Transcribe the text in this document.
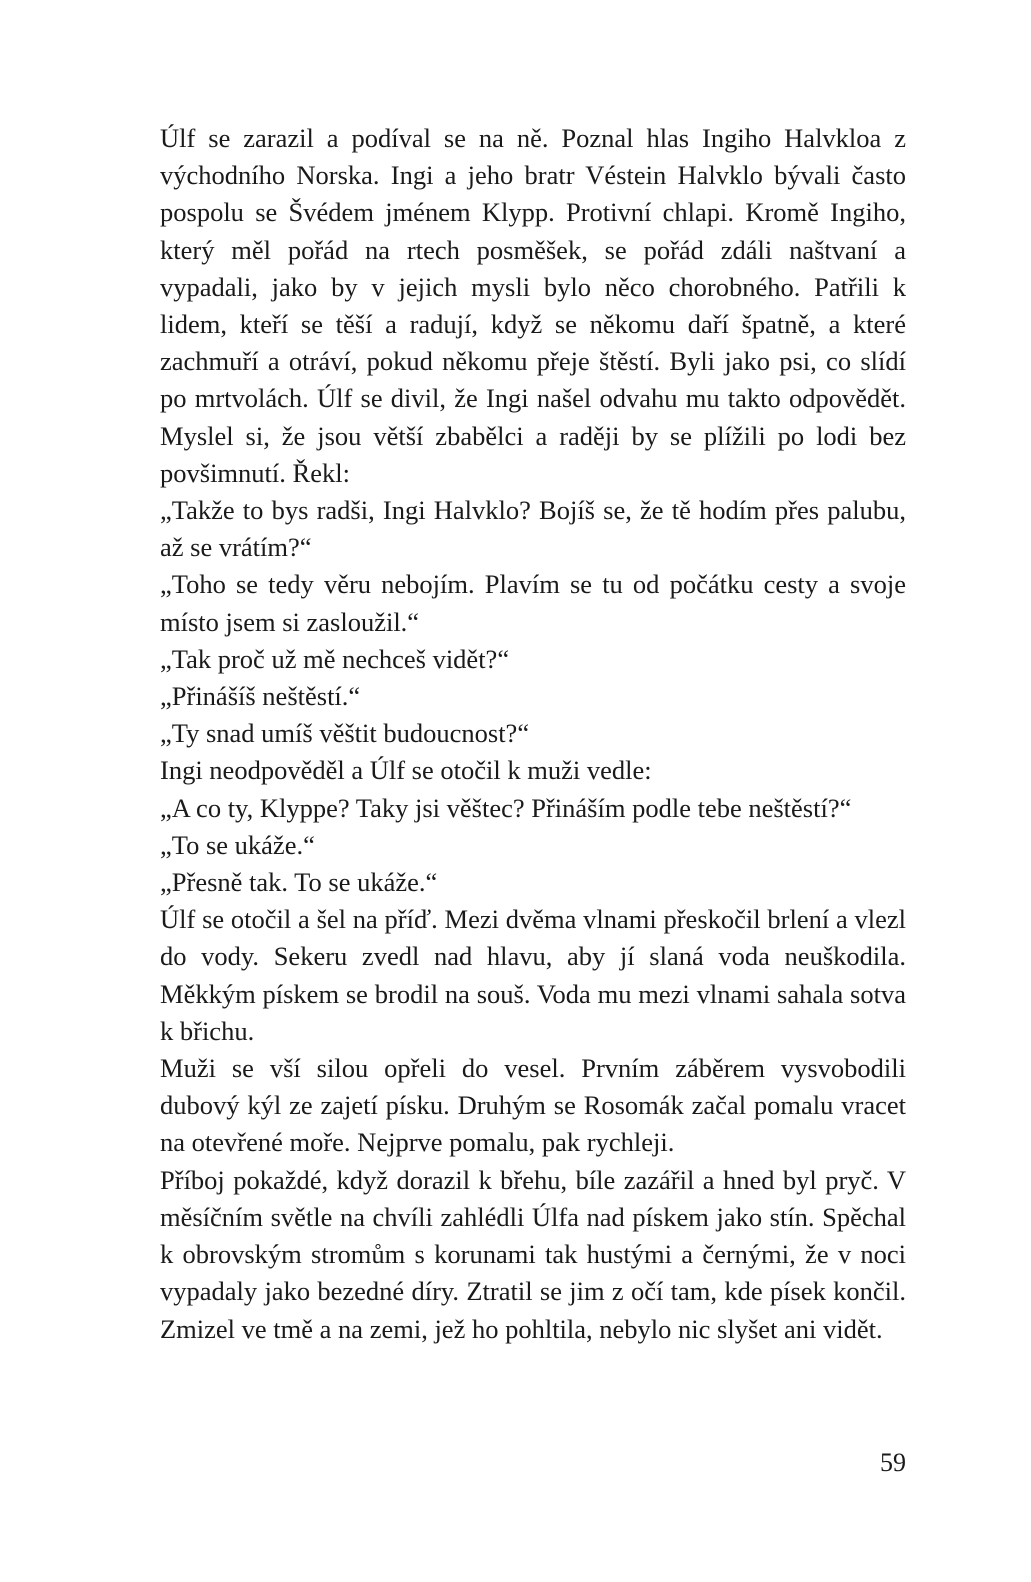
Úlf se zarazil a podíval se na ně. Poznal hlas Ingiho Halvkloa z východního Norska. Ingi a jeho bratr Véstein Halvklo bývali často pospolu se Švédem jménem Klypp. Protivní chlapi. Kromě Ingiho, který měl pořád na rtech posměšek, se pořád zdáli naštvaní a vypadali, jako by v jejich mysli bylo něco chorobného. Patřili k lidem, kteří se těší a radují, když se někomu daří špatně, a které zachmuří a otráví, pokud někomu přeje štěstí. Byli jako psi, co slídí po mrtvolách. Úlf se divil, že Ingi našel odvahu mu takto odpovědět. Myslel si, že jsou větší zbabělci a raději by se plížili po lodi bez povšimnutí. Řekl:

„Takže to bys radši, Ingi Halvklo? Bojíš se, že tě hodím přes palubu, až se vrátím?“

„Toho se tedy věru nebojím. Plavím se tu od počátku cesty a svoje místo jsem si zasloužil.“

„Tak proč už mě nechceš vidět?“

„Přinášíš neštěstí.“

„Ty snad umíš věštit budoucnost?“

Ingi neodpověděl a Úlf se otočil k muži vedle:

„A co ty, Klyppe? Taky jsi věštec? Přináším podle tebe neštěstí?“

„To se ukáže.“

„Přesně tak. To se ukáže.“

Úlf se otočil a šel na příď. Mezi dvěma vlnami přeskočil brlení a vlezl do vody. Sekeru zvedl nad hlavu, aby jí slaná voda neuškodila. Měkkým pískem se brodil na souš. Voda mu mezi vlnami sahala sotva k břichu.

Muži se vší silou opřeli do vesel. Prvním záběrem vysvobodili dubový kýl ze zajetí písku. Druhým se Rosomák začal pomalu vracet na otevřené moře. Nejprve pomalu, pak rychleji.

Příboj pokaždé, když dorazil k břehu, bíle zazářil a hned byl pryč. V měsíčním světle na chvíli zahlédli Úlfa nad pískem jako stín. Spěchal k obrovským stromům s korunami tak hustými a černými, že v noci vypadaly jako bezedné díry. Ztratil se jim z očí tam, kde písek končil. Zmizel ve tmě a na zemi, jež ho pohltila, nebylo nic slyšet ani vidět.

59
